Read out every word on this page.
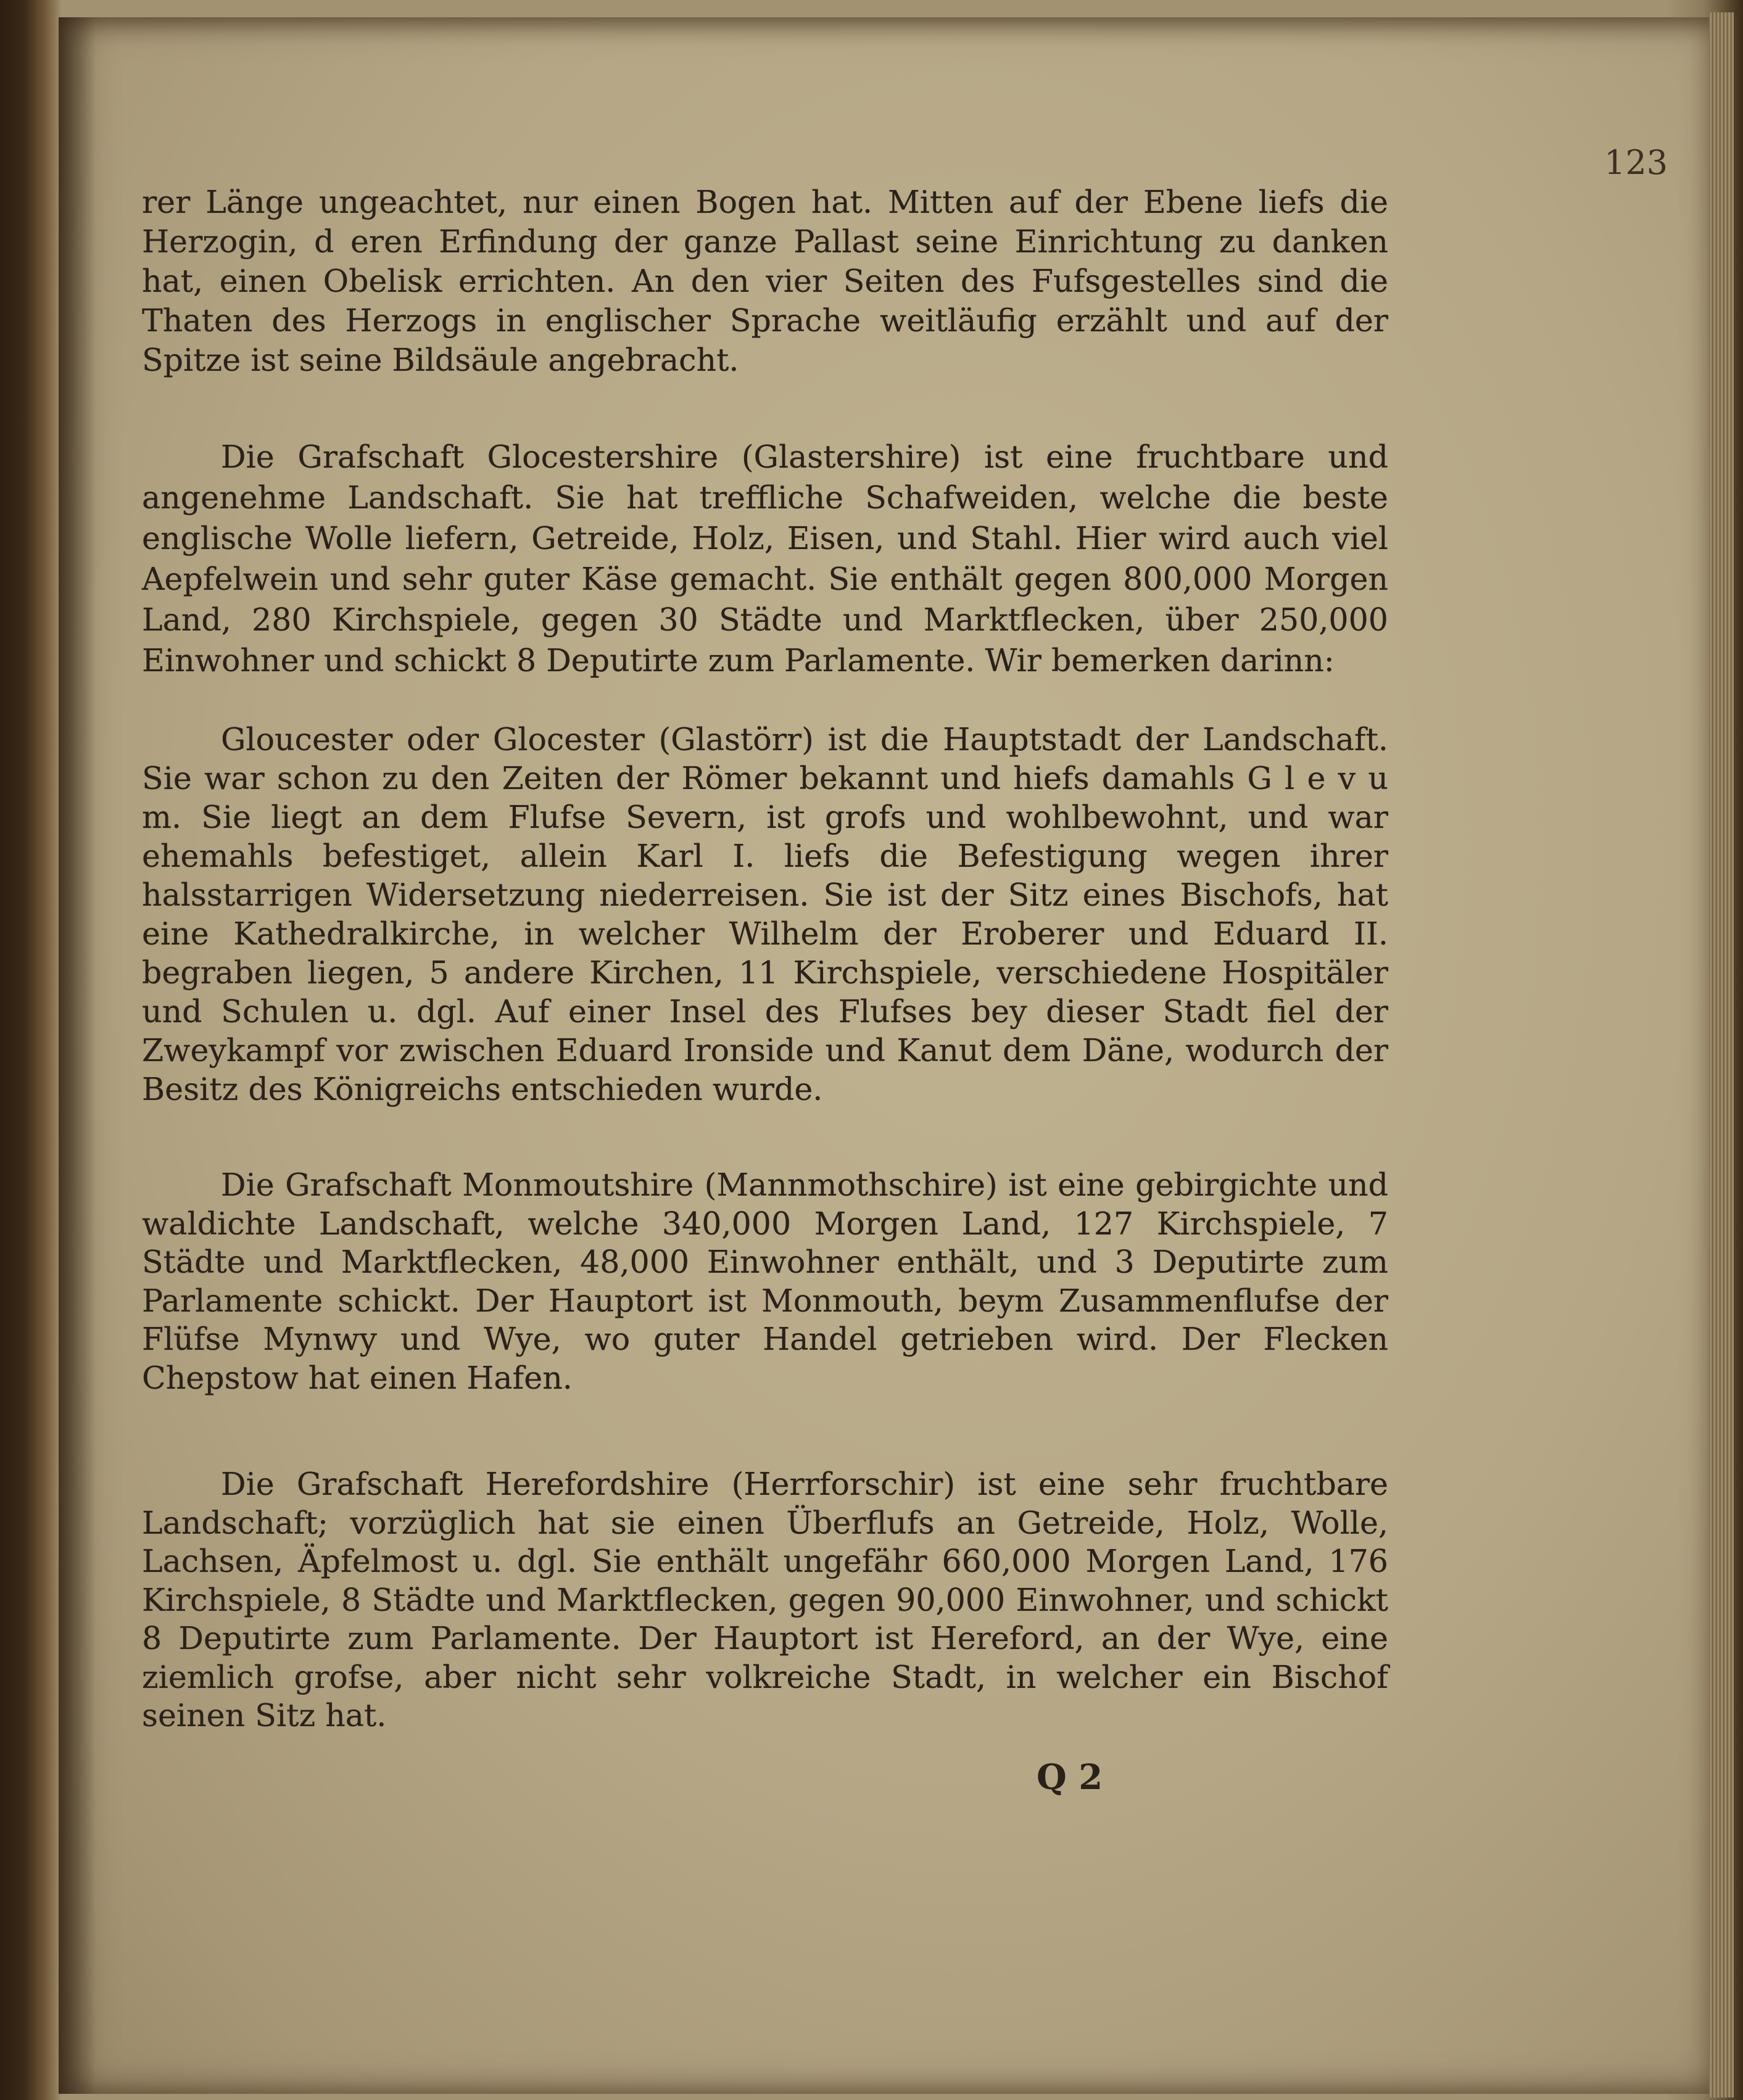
123
rer Länge ungeachtet, nur einen Bogen hat. Mitten auf der Ebene liefs die Herzogin, d eren Erfindung der ganze Pallast seine Einrichtung zu danken hat, einen Obelisk errichten. An den vier Seiten des Fufsgestelles sind die Thaten des Herzogs in englischer Sprache weitläufig erzählt und auf der Spitze ist seine Bildsäule angebracht.
Die Grafschaft Glocestershire (Glastershire) ist eine fruchtbare und angenehme Landschaft. Sie hat treffliche Schafweiden, welche die beste englische Wolle liefern, Getreide, Holz, Eisen, und Stahl. Hier wird auch viel Aepfelwein und sehr guter Käse gemacht. Sie enthält gegen 800,000 Morgen Land, 280 Kirchspiele, gegen 30 Städte und Marktflecken, über 250,000 Einwohner und schickt 8 Deputirte zum Parlamente. Wir bemerken darinn:
Gloucester oder Glocester (Glastörr) ist die Hauptstadt der Landschaft. Sie war schon zu den Zeiten der Römer bekannt und hiefs damahls G l e v u m. Sie liegt an dem Flufse Severn, ist grofs und wohlbewohnt, und war ehemahls befestiget, allein Karl I. liefs die Befestigung wegen ihrer halsstarrigen Widersetzung niederreisen. Sie ist der Sitz eines Bischofs, hat eine Kathedralkirche, in welcher Wilhelm der Eroberer und Eduard II. begraben liegen, 5 andere Kirchen, 11 Kirchspiele, verschiedene Hospitäler und Schulen u. dgl. Auf einer Insel des Flufses bey dieser Stadt fiel der Zweykampf vor zwischen Eduard Ironside und Kanut dem Däne, wodurch der Besitz des Königreichs entschieden wurde.
Die Grafschaft Monmoutshire (Mannmothschire) ist eine gebirgichte und waldichte Landschaft, welche 340,000 Morgen Land, 127 Kirchspiele, 7 Städte und Marktflecken, 48,000 Einwohner enthält, und 3 Deputirte zum Parlamente schickt. Der Hauptort ist Monmouth, beym Zusammenflufse der Flüfse Mynwy und Wye, wo guter Handel getrieben wird. Der Flecken Chepstow hat einen Hafen.
Die Grafschaft Herefordshire (Herrforschir) ist eine sehr fruchtbare Landschaft; vorzüglich hat sie einen Überflufs an Getreide, Holz, Wolle, Lachsen, Äpfelmost u. dgl. Sie enthält ungefähr 660,000 Morgen Land, 176 Kirchspiele, 8 Städte und Marktflecken, gegen 90,000 Einwohner, und schickt 8 Deputirte zum Parlamente. Der Hauptort ist Hereford, an der Wye, eine ziemlich grofse, aber nicht sehr volkreiche Stadt, in welcher ein Bischof seinen Sitz hat.
Q 2
